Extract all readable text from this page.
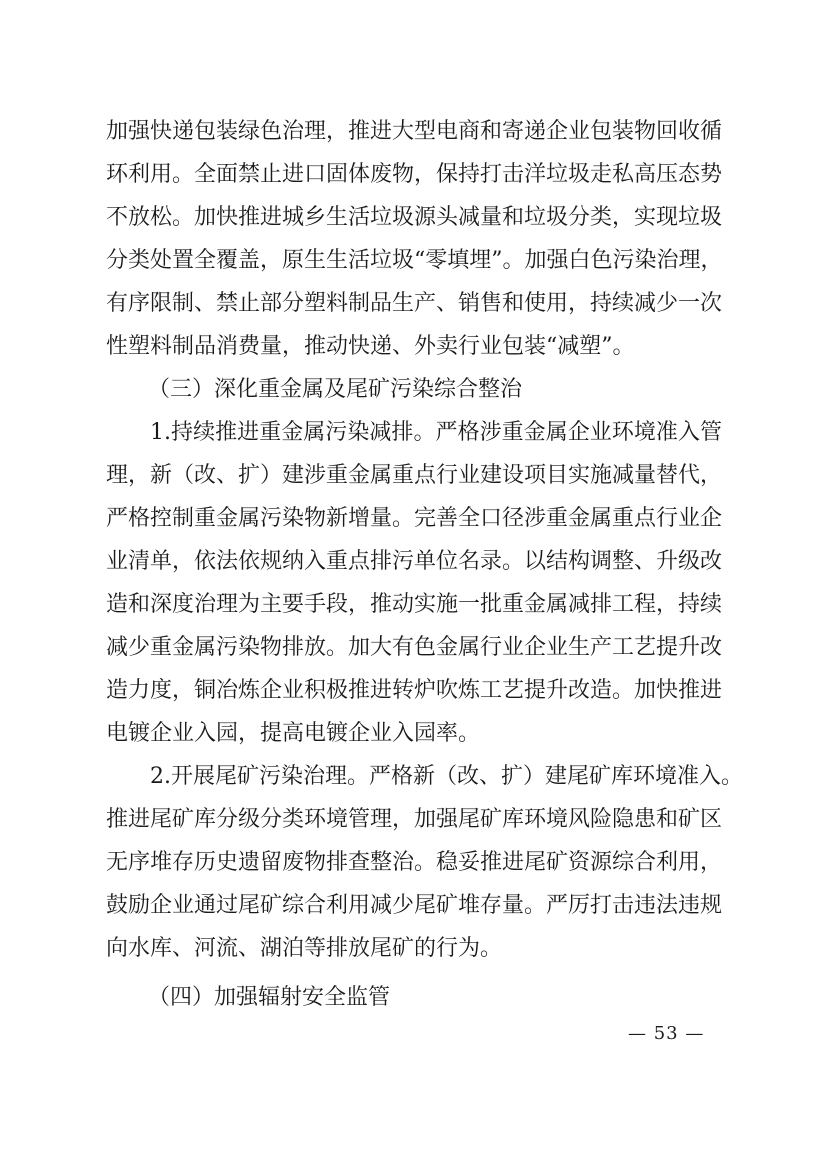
加强快递包装绿色治理，推进大型电商和寄递企业包装物回收循

环利用。全面禁止进口固体废物，保持打击洋垃圾走私高压态势

不放松。加快推进城乡生活垃圾源头减量和垃圾分类，实现垃圾

分类处置全覆盖，原生生活垃圾“零填埋”。加强白色污染治理，

有序限制、禁止部分塑料制品生产、销售和使用，持续减少一次

性塑料制品消费量，推动快递、外卖行业包装“减塑”。

（三）深化重金属及尾矿污染综合整治

1.持续推进重金属污染减排。严格涉重金属企业环境准入管

理，新（改、扩）建涉重金属重点行业建设项目实施减量替代，

严格控制重金属污染物新增量。完善全口径涉重金属重点行业企

业清单，依法依规纳入重点排污单位名录。以结构调整、升级改

造和深度治理为主要手段，推动实施一批重金属减排工程，持续

减少重金属污染物排放。加大有色金属行业企业生产工艺提升改

造力度，铜冶炼企业积极推进转炉吹炼工艺提升改造。加快推进

电镀企业入园，提高电镀企业入园率。

2.开展尾矿污染治理。严格新（改、扩）建尾矿库环境准入。

推进尾矿库分级分类环境管理，加强尾矿库环境风险隐患和矿区

无序堆存历史遗留废物排查整治。稳妥推进尾矿资源综合利用，

鼓励企业通过尾矿综合利用减少尾矿堆存量。严厉打击违法违规

向水库、河流、湖泊等排放尾矿的行为。

（四）加强辐射安全监管

— 53 —
